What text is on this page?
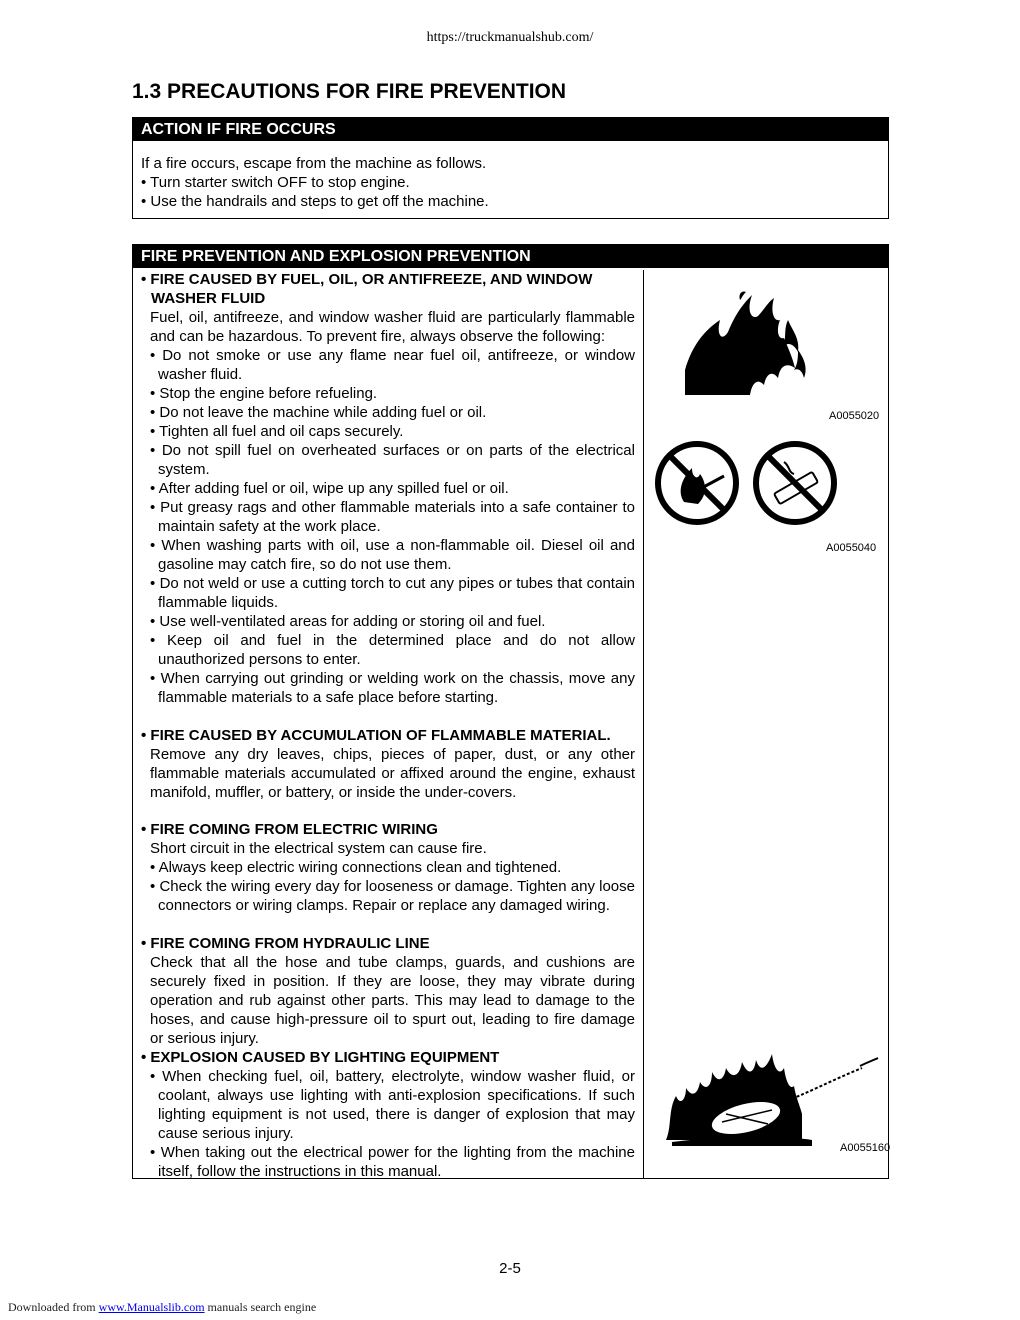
https://truckmanualshub.com/
1.3 PRECAUTIONS FOR FIRE PREVENTION
ACTION IF FIRE OCCURS
If a fire occurs, escape from the machine as follows.
• Turn starter switch OFF to stop engine.
• Use the handrails and steps to get off the machine.
FIRE PREVENTION AND EXPLOSION PREVENTION

• FIRE CAUSED BY FUEL, OIL, OR ANTIFREEZE, AND WINDOW WASHER FLUID

Fuel, oil, antifreeze, and window washer fluid are particularly flammable and can be hazardous. To prevent fire, always observe the following:

• Do not smoke or use any flame near fuel oil, antifreeze, or window washer fluid.

• Stop the engine before refueling.

• Do not leave the machine while adding fuel or oil.

• Tighten all fuel and oil caps securely.

• Do not spill fuel on overheated surfaces or on parts of the electrical system.

• After adding fuel or oil, wipe up any spilled fuel or oil.

• Put greasy rags and other flammable materials into a safe container to maintain safety at the work place.

• When washing parts with oil, use a non-flammable oil. Diesel oil and gasoline may catch fire, so do not use them.

• Do not weld or use a cutting torch to cut any pipes or tubes that contain flammable liquids.

• Use well-ventilated areas for adding or storing oil and fuel.

• Keep oil and fuel in the determined place and do not allow unauthorized persons to enter.

• When carrying out grinding or welding work on the chassis, move any flammable materials to a safe place before starting.

• FIRE CAUSED BY ACCUMULATION OF FLAMMABLE MATERIAL.

Remove any dry leaves, chips, pieces of paper, dust, or any other flammable materials accumulated or affixed around the engine, exhaust manifold, muffler, or battery, or inside the under-covers.

• FIRE COMING FROM ELECTRIC WIRING

Short circuit in the electrical system can cause fire.

• Always keep electric wiring connections clean and tightened.

• Check the wiring every day for looseness or damage. Tighten any loose connectors or wiring clamps. Repair or replace any damaged wiring.

• FIRE COMING FROM HYDRAULIC LINE

Check that all the hose and tube clamps, guards, and cushions are securely fixed in position. If they are loose, they may vibrate during operation and rub against other parts. This may lead to damage to the hoses, and cause high-pressure oil to spurt out, leading to fire damage or serious injury.

• EXPLOSION CAUSED BY LIGHTING EQUIPMENT

• When checking fuel, oil, battery, electrolyte, window washer fluid, or coolant, always use lighting with anti-explosion specifications. If such lighting equipment is not used, there is danger of explosion that may cause serious injury.

• When taking out the electrical power for the lighting from the machine itself, follow the instructions in this manual.

A0055020
A0055040
A0055160
2-5
Downloaded from www.Manualslib.com manuals search engine
